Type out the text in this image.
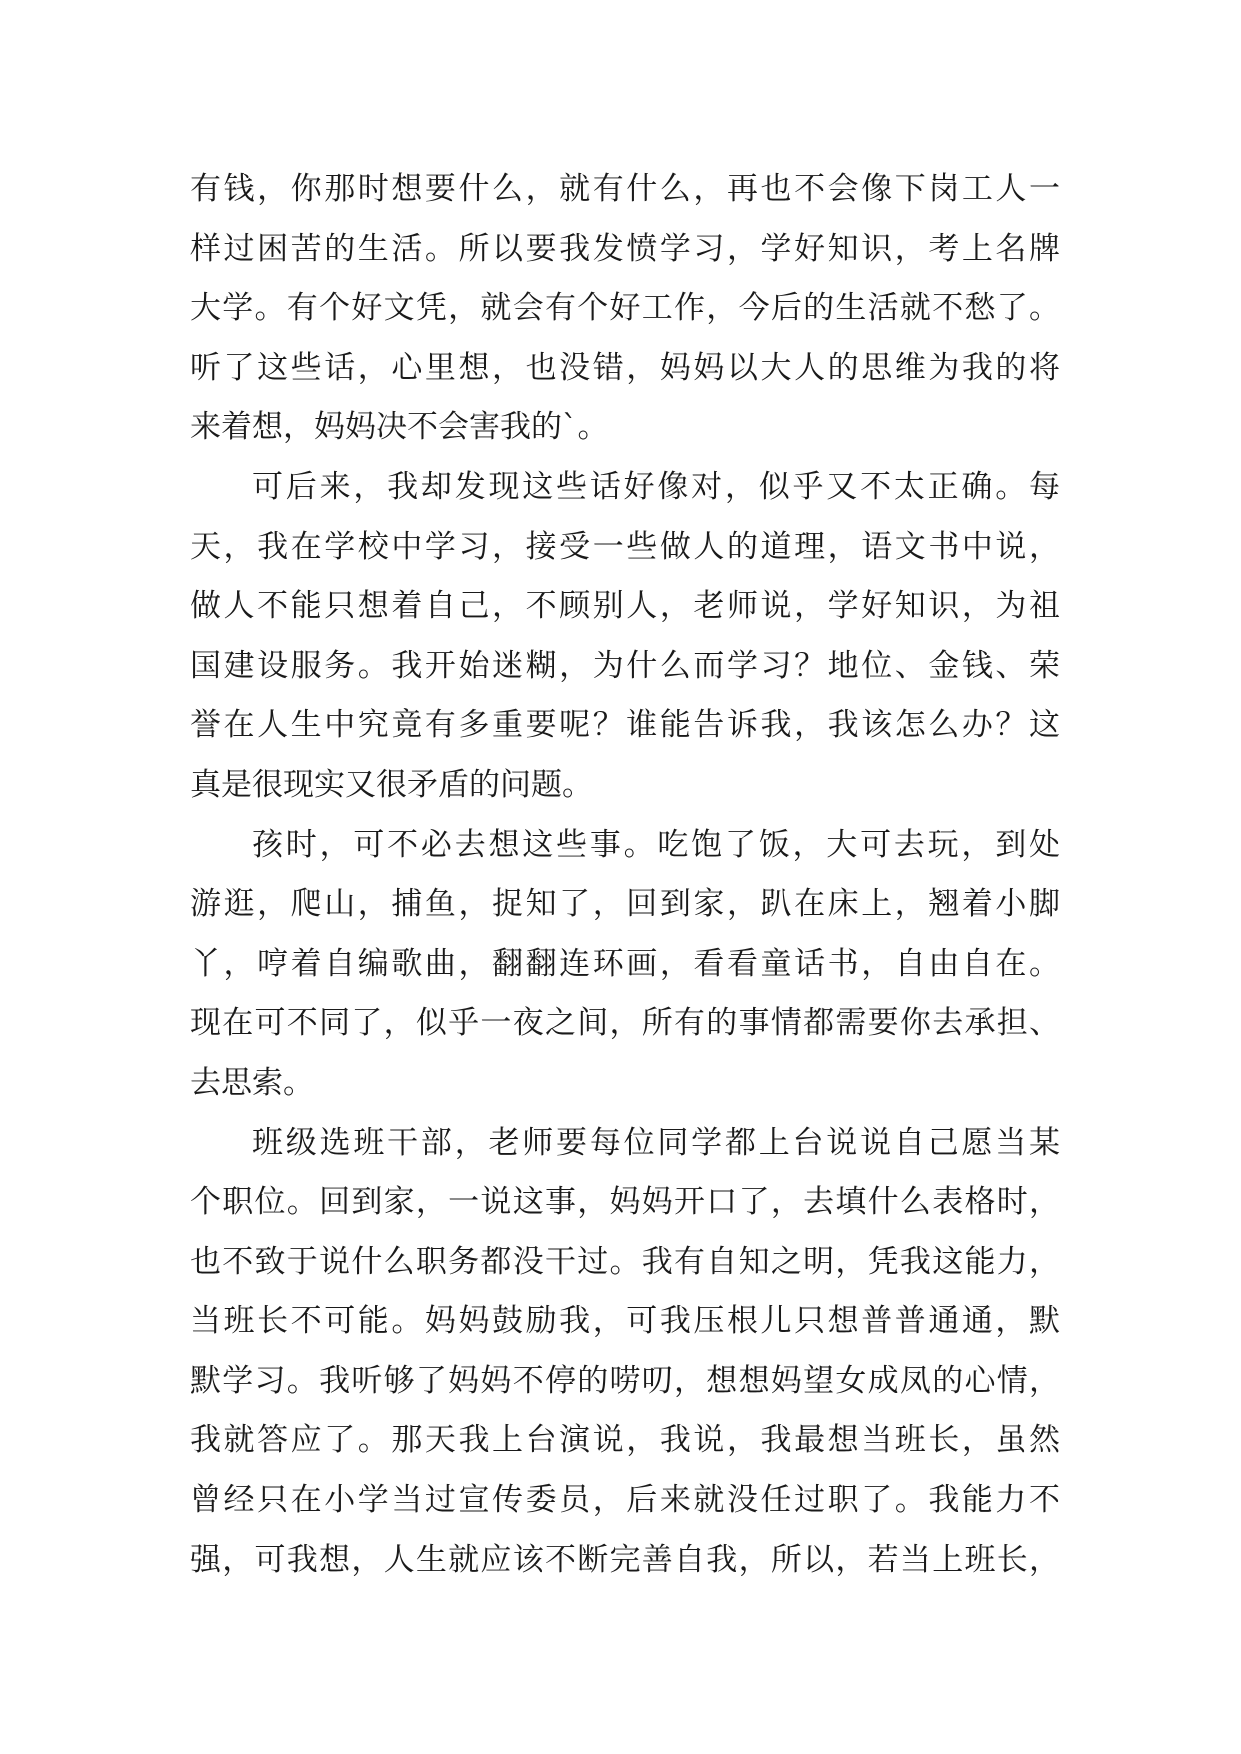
有钱，你那时想要什么，就有什么，再也不会像下岗工人一
样过困苦的生活。所以要我发愤学习，学好知识，考上名牌
大学。有个好文凭，就会有个好工作，今后的生活就不愁了。
听了这些话，心里想，也没错，妈妈以大人的思维为我的将
来着想，妈妈决不会害我的`。
可后来，我却发现这些话好像对，似乎又不太正确。每
天，我在学校中学习，接受一些做人的道理，语文书中说，
做人不能只想着自己，不顾别人，老师说，学好知识，为祖
国建设服务。我开始迷糊，为什么而学习？地位、金钱、荣
誉在人生中究竟有多重要呢？谁能告诉我，我该怎么办？这
真是很现实又很矛盾的问题。
孩时，可不必去想这些事。吃饱了饭，大可去玩，到处
游逛，爬山，捕鱼，捉知了，回到家，趴在床上，翘着小脚
丫，哼着自编歌曲，翻翻连环画，看看童话书，自由自在。
现在可不同了，似乎一夜之间，所有的事情都需要你去承担、
去思索。
班级选班干部，老师要每位同学都上台说说自己愿当某
个职位。回到家，一说这事，妈妈开口了，去填什么表格时，
也不致于说什么职务都没干过。我有自知之明，凭我这能力，
当班长不可能。妈妈鼓励我，可我压根儿只想普普通通，默
默学习。我听够了妈妈不停的唠叨，想想妈望女成凤的心情，
我就答应了。那天我上台演说，我说，我最想当班长，虽然
曾经只在小学当过宣传委员，后来就没任过职了。我能力不
强，可我想，人生就应该不断完善自我，所以，若当上班长，
